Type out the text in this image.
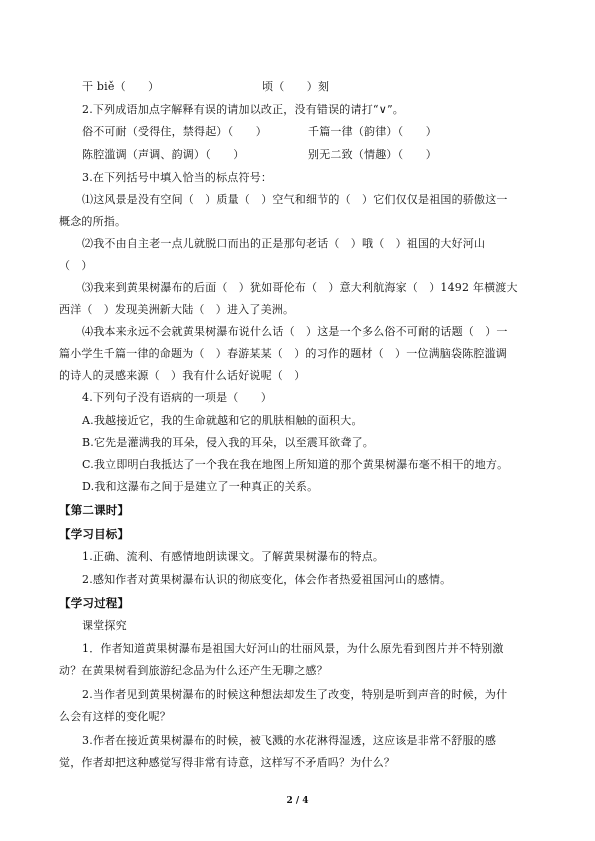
干 biě（　　）	顷（　　）刻
2.下列成语加点字解释有误的请加以改正，没有错误的请打“∨”。
俗不可耐（受得住，禁得起）（　　）	千篇一律（韵律）（　　）
陈腔滥调（声调、韵调）（　　）	别无二致（情趣）（　　）
3.在下列括号中填入恰当的标点符号：
⑴这风景是没有空间（　）质量（　）空气和细节的（　）它们仅仅是祖国的骄傲这一
概念的所指。
⑵我不由自主老一点儿就脱口而出的正是那句老话（　）哦（　）祖国的大好河山
（　）
⑶我来到黄果树瀑布的后面（　）犹如哥伦布（　）意大利航海家（　）1492 年横渡大
西洋（　）发现美洲新大陆（　）进入了美洲。
⑷我本来永远不会就黄果树瀑布说什么话（　）这是一个多么俗不可耐的话题（　）一
篇小学生千篇一律的命题为（　）春游某某（　）的习作的题材（　）一位满脑袋陈腔滥调
的诗人的灵感来源（　）我有什么话好说呢（　）
4.下列句子没有语病的一项是（　　）
A.我越接近它，我的生命就越和它的肌肤相触的面积大。
B.它先是灌满我的耳朵，侵入我的耳朵，以至震耳欲聋了。
C.我立即明白我抵达了一个我在我在地图上所知道的那个黄果树瀑布毫不相干的地方。
D.我和这瀑布之间于是建立了一种真正的关系。
【第二课时】
【学习目标】
1.正确、流利、有感情地朗读课文。了解黄果树瀑布的特点。
2.感知作者对黄果树瀑布认识的彻底变化，体会作者热爱祖国河山的感情。
【学习过程】
课堂探究
1．作者知道黄果树瀑布是祖国大好河山的壮丽风景，为什么原先看到图片并不特别激
动？在黄果树看到旅游纪念品为什么还产生无聊之感？
2.当作者见到黄果树瀑布的时候这种想法却发生了改变，特别是听到声音的时候，为什
么会有这样的变化呢？
3.作者在接近黄果树瀑布的时候，被飞溅的水花淋得湿透，这应该是非常不舒服的感
觉，作者却把这种感觉写得非常有诗意，这样写不矛盾吗？为什么？
2 / 4
